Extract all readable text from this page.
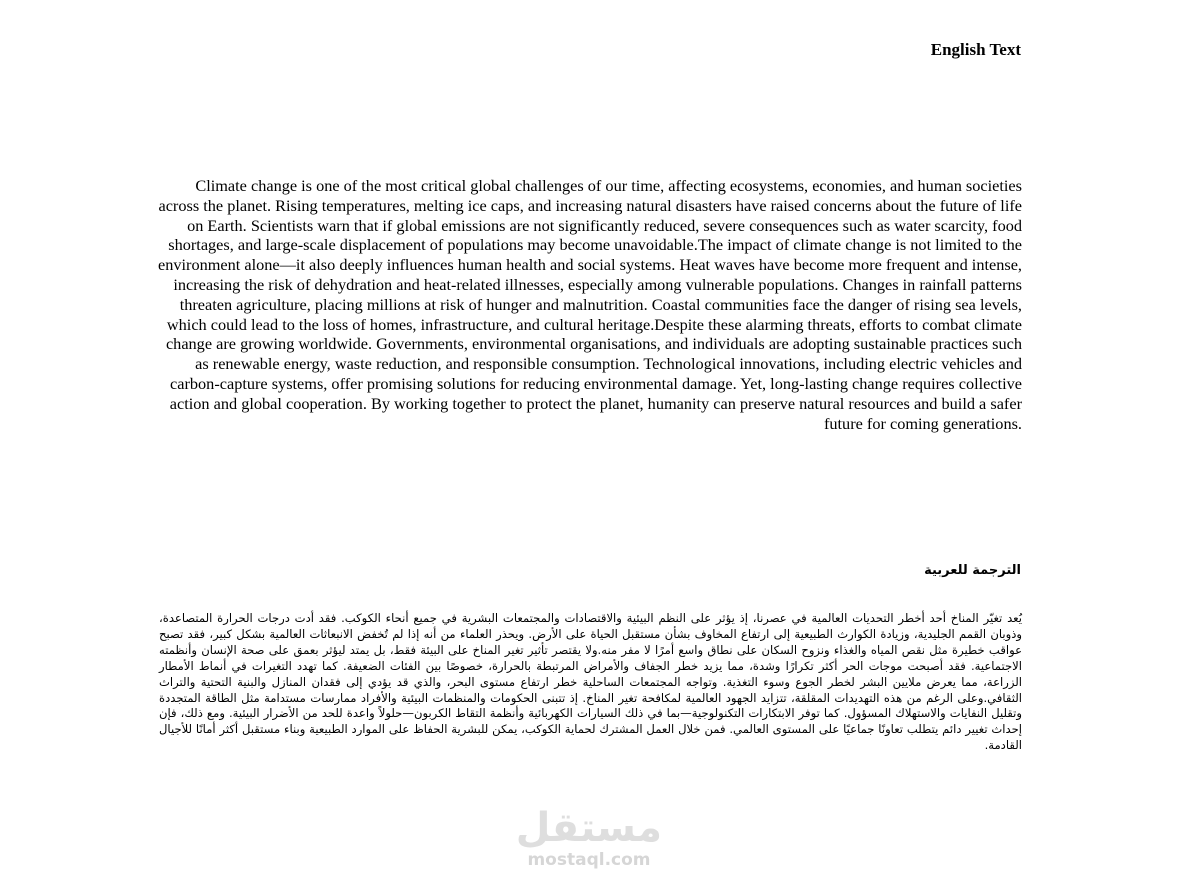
English Text

Climate change is one of the most critical global challenges of our time, affecting ecosystems, economies, and human societies across the planet. Rising temperatures, melting ice caps, and increasing natural disasters have raised concerns about the future of life on Earth. Scientists warn that if global emissions are not significantly reduced, severe consequences such as water scarcity, food shortages, and large-scale displacement of populations may become unavoidable.The impact of climate change is not limited to the environment alone—it also deeply influences human health and social systems. Heat waves have become more frequent and intense, increasing the risk of dehydration and heat-related illnesses, especially among vulnerable populations. Changes in rainfall patterns threaten agriculture, placing millions at risk of hunger and malnutrition. Coastal communities face the danger of rising sea levels, which could lead to the loss of homes, infrastructure, and cultural heritage.Despite these alarming threats, efforts to combat climate change are growing worldwide. Governments, environmental organisations, and individuals are adopting sustainable practices such as renewable energy, waste reduction, and responsible consumption. Technological innovations, including electric vehicles and carbon-capture systems, offer promising solutions for reducing environmental damage. Yet, long-lasting change requires collective action and global cooperation. By working together to protect the planet, humanity can preserve natural resources and build a safer future for coming generations.

الترجمة للعربية

يُعد تغيّر المناخ أحد أخطر التحديات العالمية في عصرنا، إذ يؤثر على النظم البيئية والاقتصادات والمجتمعات البشرية في جميع أنحاء الكوكب. فقد أدت درجات الحرارة المتصاعدة، وذوبان القمم الجليدية، وزيادة الكوارث الطبيعية إلى ارتفاع المخاوف بشأن مستقبل الحياة على الأرض. ويحذر العلماء من أنه إذا لم تُخفض الانبعاثات العالمية بشكل كبير، فقد تصبح عواقب خطيرة مثل نقص المياه والغذاء ونزوح السكان على نطاق واسع أمرًا لا مفر منه.ولا يقتصر تأثير تغير المناخ على البيئة فقط، بل يمتد ليؤثر بعمق على صحة الإنسان وأنظمته الاجتماعية. فقد أصبحت موجات الحر أكثر تكرارًا وشدة، مما يزيد خطر الجفاف والأمراض المرتبطة بالحرارة، خصوصًا بين الفئات الضعيفة. كما تهدد التغيرات في أنماط الأمطار الزراعة، مما يعرض ملايين البشر لخطر الجوع وسوء التغذية. وتواجه المجتمعات الساحلية خطر ارتفاع مستوى البحر، والذي قد يؤدي إلى فقدان المنازل والبنية التحتية والتراث الثقافي.وعلى الرغم من هذه التهديدات المقلقة، تتزايد الجهود العالمية لمكافحة تغير المناخ. إذ تتبنى الحكومات والمنظمات البيئية والأفراد ممارسات مستدامة مثل الطاقة المتجددة وتقليل النفايات والاستهلاك المسؤول. كما توفر الابتكارات التكنولوجية—بما في ذلك السيارات الكهربائية وأنظمة التقاط الكربون—حلولاً واعدة للحد من الأضرار البيئية. ومع ذلك، فإن إحداث تغيير دائم يتطلب تعاونًا جماعيًا على المستوى العالمي. فمن خلال العمل المشترك لحماية الكوكب، يمكن للبشرية الحفاظ على الموارد الطبيعية وبناء مستقبل أكثر أمانًا للأجيال القادمة.

مستقل
mostaql.com
